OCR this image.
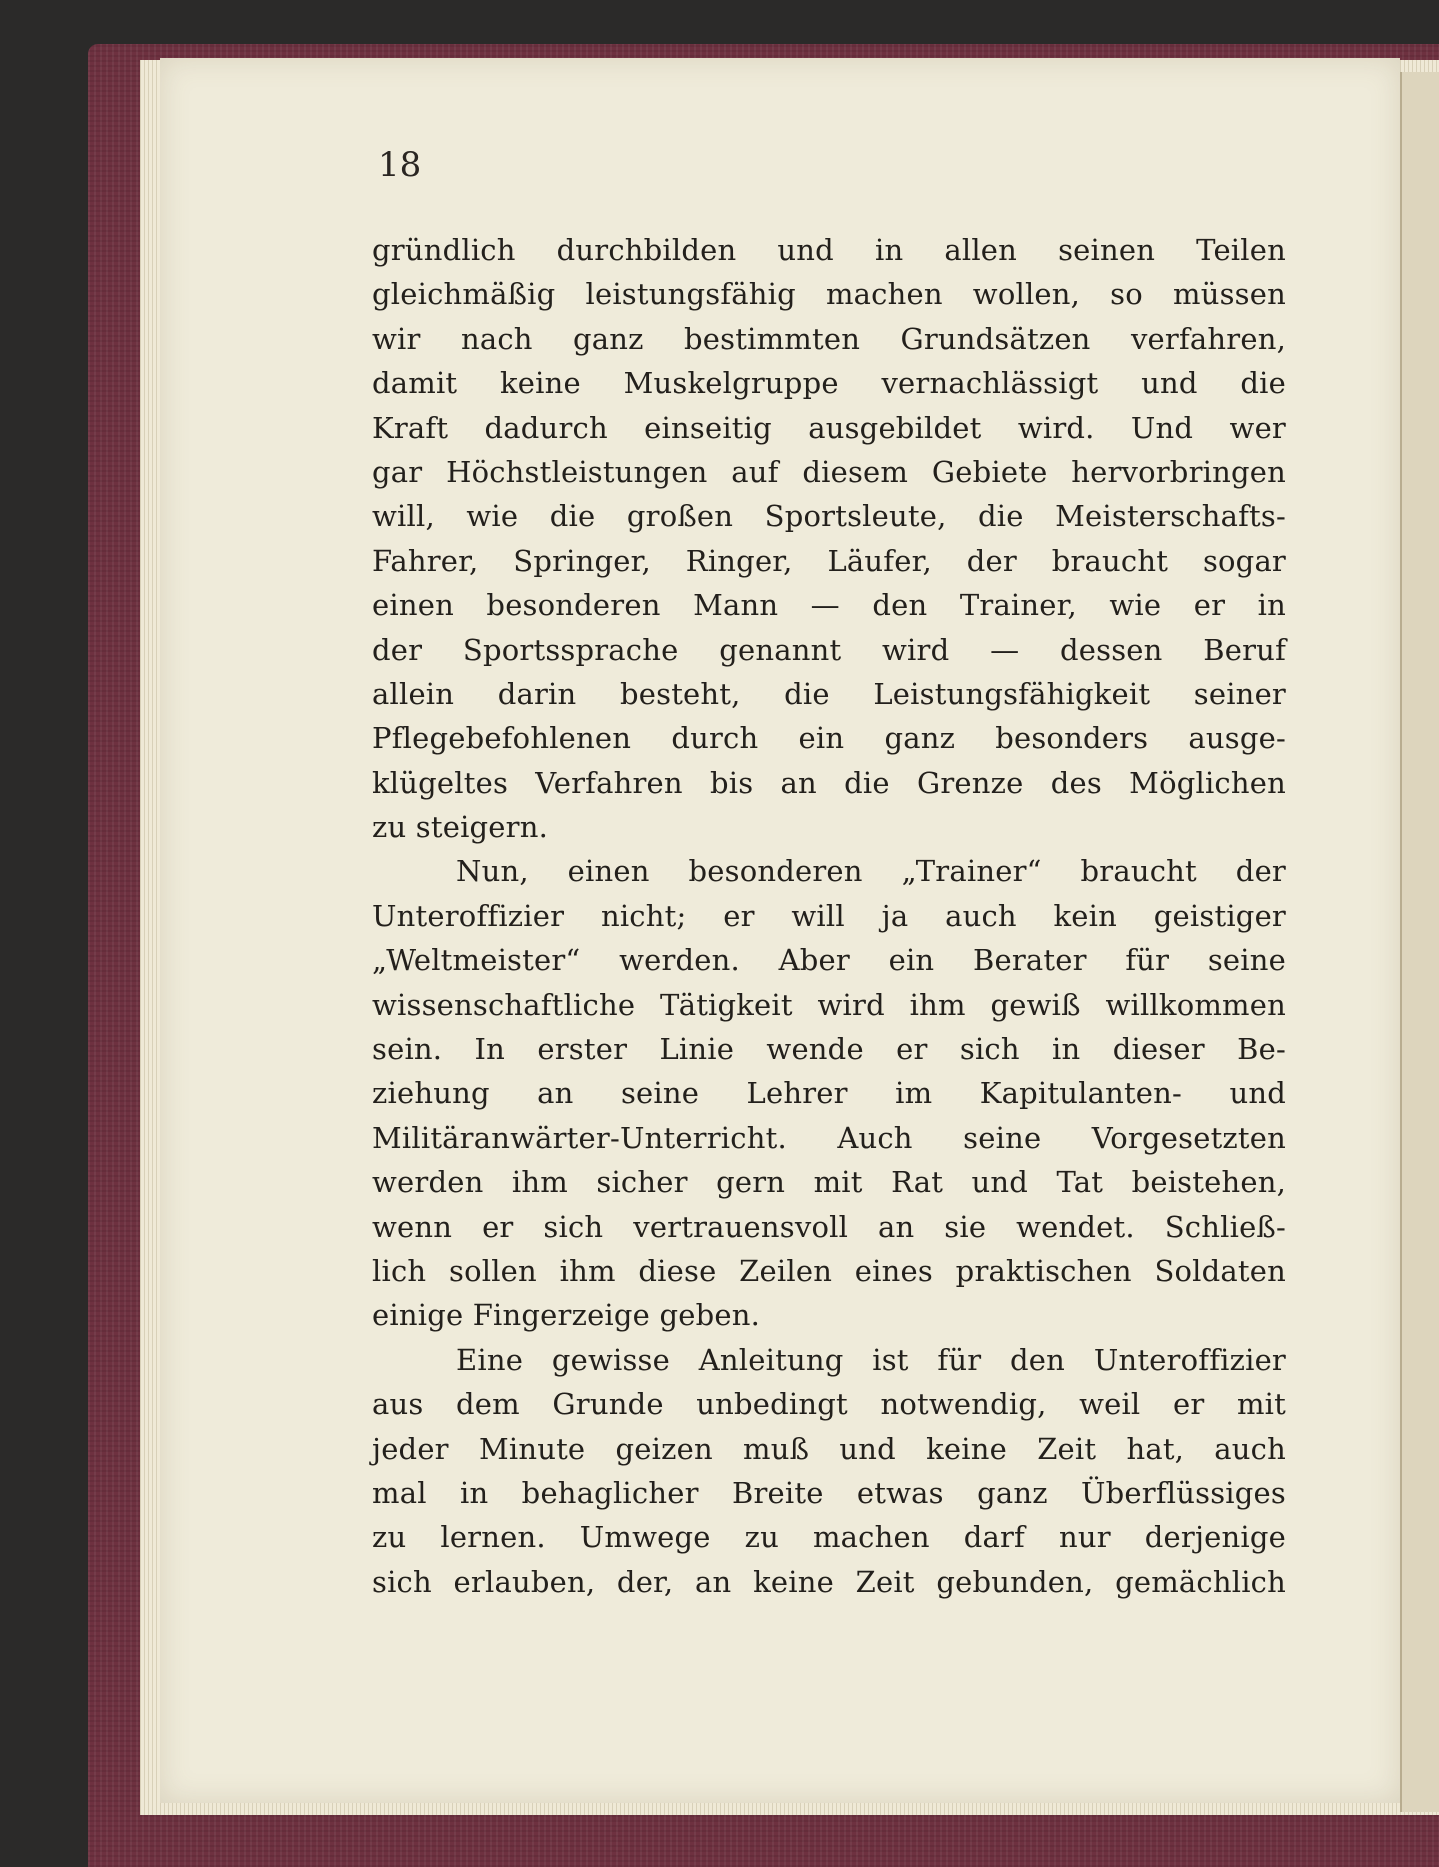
18
gründlich durchbilden und in allen seinen Teilen
gleichmäßig leistungsfähig machen wollen, so müssen
wir nach ganz bestimmten Grundsätzen verfahren,
damit keine Muskelgruppe vernachlässigt und die
Kraft dadurch einseitig ausgebildet wird. Und wer
gar Höchstleistungen auf diesem Gebiete hervorbringen
will, wie die großen Sportsleute, die Meisterschafts-
Fahrer, Springer, Ringer, Läufer, der braucht sogar
einen besonderen Mann — den Trainer, wie er in
der Sportssprache genannt wird — dessen Beruf
allein darin besteht, die Leistungsfähigkeit seiner
Pflegebefohlenen durch ein ganz besonders ausge-
klügeltes Verfahren bis an die Grenze des Möglichen
zu steigern.
Nun, einen besonderen „Trainer“ braucht der
Unteroffizier nicht; er will ja auch kein geistiger
„Weltmeister“ werden. Aber ein Berater für seine
wissenschaftliche Tätigkeit wird ihm gewiß willkommen
sein. In erster Linie wende er sich in dieser Be-
ziehung an seine Lehrer im Kapitulanten- und
Militäranwärter-Unterricht. Auch seine Vorgesetzten
werden ihm sicher gern mit Rat und Tat beistehen,
wenn er sich vertrauensvoll an sie wendet. Schließ-
lich sollen ihm diese Zeilen eines praktischen Soldaten
einige Fingerzeige geben.
Eine gewisse Anleitung ist für den Unteroffizier
aus dem Grunde unbedingt notwendig, weil er mit
jeder Minute geizen muß und keine Zeit hat, auch
mal in behaglicher Breite etwas ganz Überflüssiges
zu lernen. Umwege zu machen darf nur derjenige
sich erlauben, der, an keine Zeit gebunden, gemächlich
